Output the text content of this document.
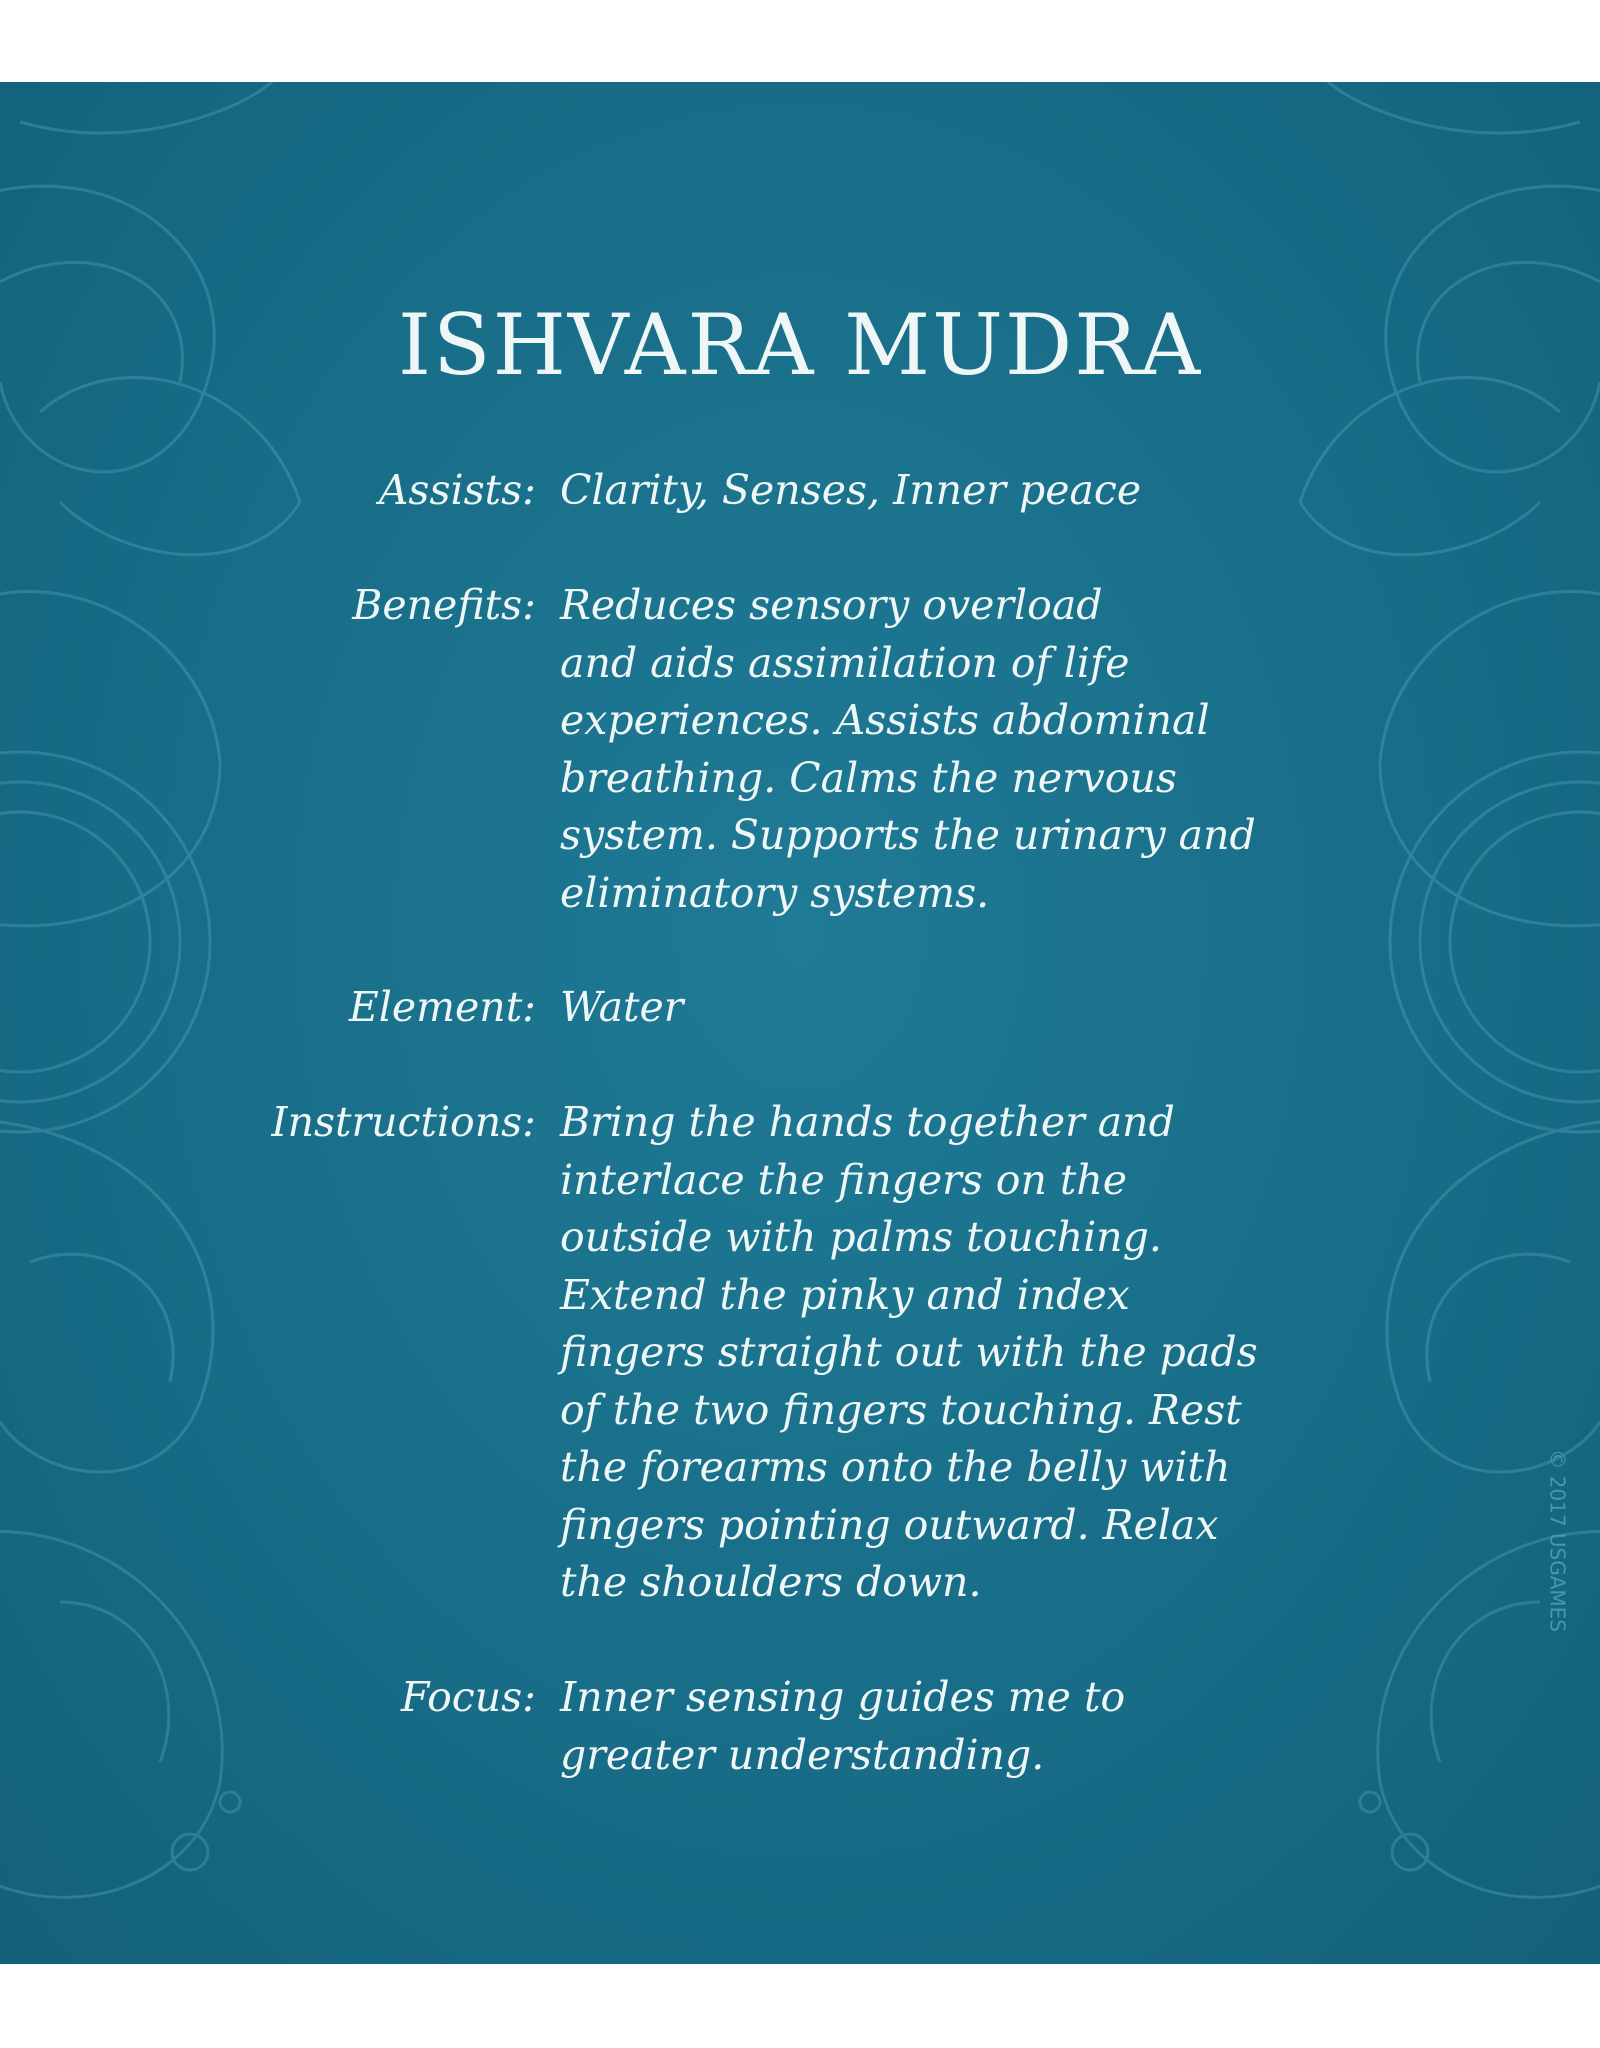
ISHVARA MUDRA
Assists: Clarity, Senses, Inner peace
Benefits: Reduces sensory overload
and aids assimilation of life
experiences. Assists abdominal
breathing. Calms the nervous
system. Supports the urinary and
eliminatory systems.
Element: Water
Instructions: Bring the hands together and
interlace the fingers on the
outside with palms touching.
Extend the pinky and index
fingers straight out with the pads
of the two fingers touching. Rest
the forearms onto the belly with
fingers pointing outward. Relax
the shoulders down.
Focus: Inner sensing guides me to
greater understanding.
© 2017 USGAMES
